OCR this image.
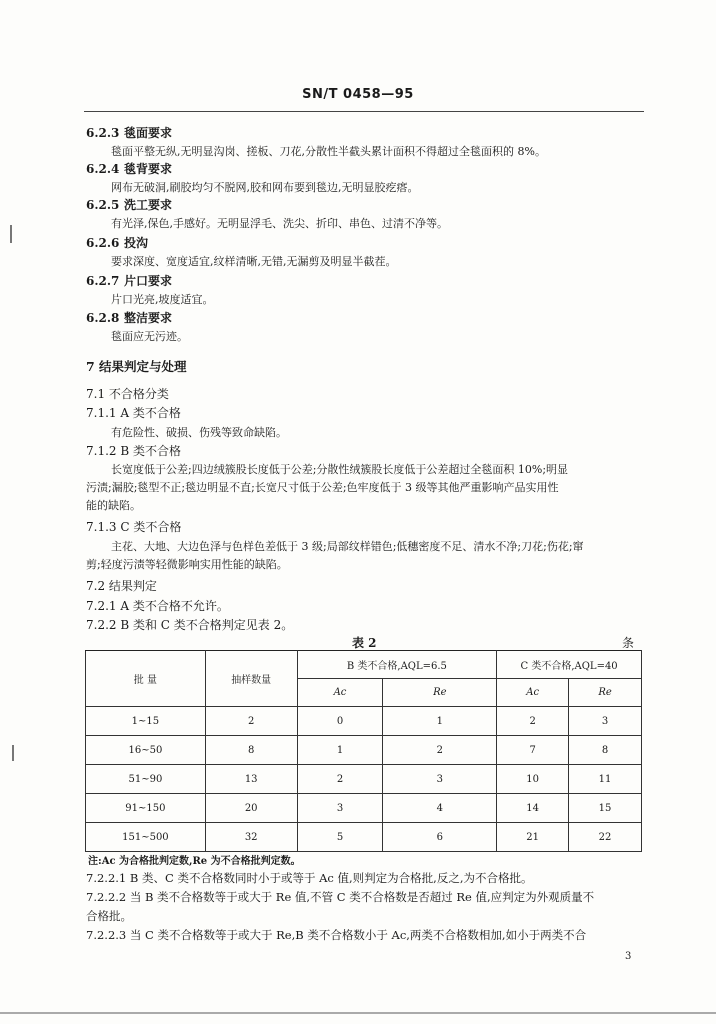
SN/T 0458—95
6.2.3 毯面要求
毯面平整无纵,无明显沟岗、搓板、刀花,分散性半截头累计面积不得超过全毯面积的 8%。
6.2.4 毯背要求
网布无破洞,刷胶均匀不脱网,胶和网布要到毯边,无明显胶疙瘩。
6.2.5 洗工要求
有光泽,保色,手感好。无明显浮毛、洗尖、折印、串色、过清不净等。
6.2.6 投沟
要求深度、宽度适宜,纹样清晰,无错,无漏剪及明显半截茬。
6.2.7 片口要求
片口光亮,坡度适宜。
6.2.8 整洁要求
毯面应无污迹。
7 结果判定与处理
7.1 不合格分类
7.1.1 A 类不合格
有危险性、破损、伤残等致命缺陷。
7.1.2 B 类不合格
长宽度低于公差;四边绒簇股长度低于公差;分散性绒簇股长度低于公差超过全毯面积 10%;明显
污渍;漏胶;毯型不正;毯边明显不直;长宽尺寸低于公差;色牢度低于 3 级等其他严重影响产品实用性
能的缺陷。
7.1.3 C 类不合格
主花、大地、大边色泽与色样色差低于 3 级;局部纹样错色;低穗密度不足、清水不净;刀花;伤花;窜
剪;轻度污渍等轻微影响实用性能的缺陷。
7.2 结果判定
7.2.1 A 类不合格不允许。
7.2.2 B 类和 C 类不合格判定见表 2。
表 2	条
批 量	抽样数量	B 类不合格,AQL=6.5		C 类不合格,AQL=40	
		Ac	Re	Ac	Re
1~15	2	0	1	2	3
16~50	8	1	2	7	8
51~90	13	2	3	10	11
91~150	20	3	4	14	15
151~500	32	5	6	21	22
注:Ac 为合格批判定数,Re 为不合格批判定数。
7.2.2.1 B 类、C 类不合格数同时小于或等于 Ac 值,则判定为合格批,反之,为不合格批。
7.2.2.2 当 B 类不合格数等于或大于 Re 值,不管 C 类不合格数是否超过 Re 值,应判定为外观质量不
合格批。
7.2.2.3 当 C 类不合格数等于或大于 Re,B 类不合格数小于 Ac,两类不合格数相加,如小于两类不合
3
